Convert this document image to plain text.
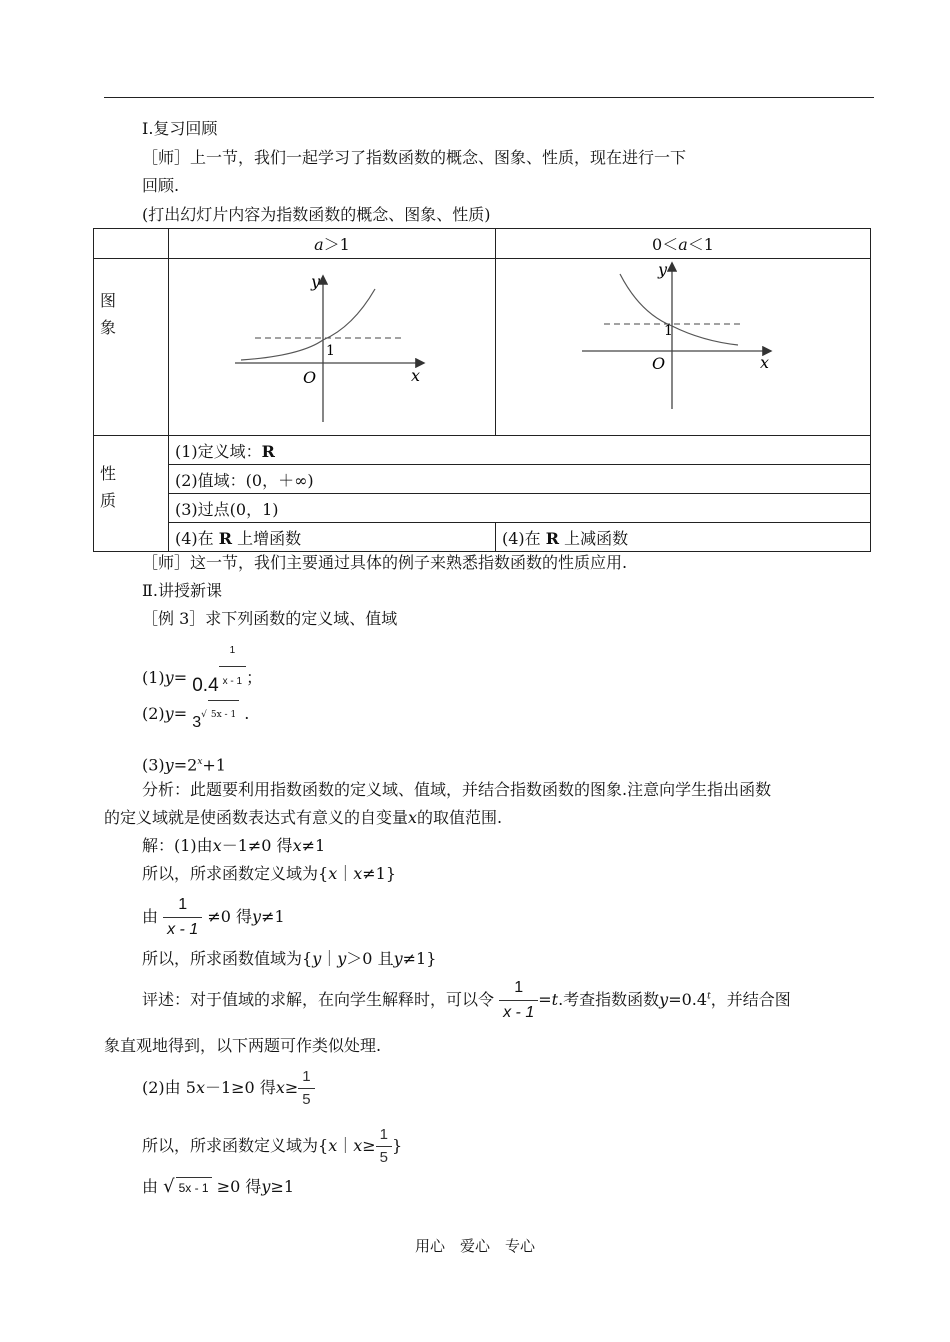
Ⅰ.复习回顾
［师］上一节，我们一起学习了指数函数的概念、图象、性质，现在进行一下
回顾.
(打出幻灯片内容为指数函数的概念、图象、性质)
	a＞1	0＜a＜1
图
象	y
x
O
1	y
x
O
1

性
质	(1)定义域：R	
	(2)值域：(0，＋∞)	
	(3)过点(0，1)	
	(4)在 R 上增函数	(4)在 R 上减函数
［师］这一节，我们主要通过具体的例子来熟悉指数函数的性质应用.
Ⅱ.讲授新课
［例 3］求下列函数的定义域、值域
$(1)y= 0.4 \frac{1}{x - 1}$ ；
(2)y= 3√ 5x - 1 .
$(3)y=2^x+1$
分析：此题要利用指数函数的定义域、值域，并结合指数函数的图象.注意向学生指出函数
的定义域就是使函数表达式有意义的自变量x的取值范围.
解：(1)由x－1≠0 得x≠1
所以，所求函数定义域为{x｜x≠1}
由 $\frac{1}{x - 1} \ne 0$ 得y≠1
所以，所求函数值域为{y｜y＞0 且y≠1}
评述：对于值域的求解，在向学生解释时，可以令 $\frac{1}{x - 1} =t$.考查指数函数$y=0.4^t$，并结合图
象直观地得到，以下两题可作类似处理.
(2)由 5x－1≥0 得$x\ge \frac{1}{5}$
所以，所求函数定义域为{x｜x≥ $\frac{1}{5}$ }
由 √ 5x - 1 ≥0 得y≥1
用心　爱心　专心
